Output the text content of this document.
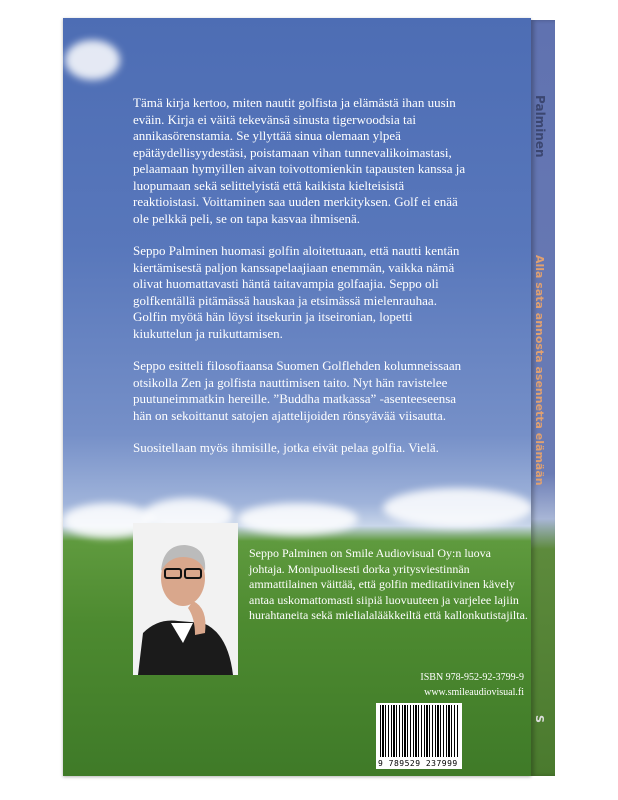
Palminen
Alla sata annosta asennetta elämään
S

Tämä kirja kertoo, miten nautit golfista ja elämästä ihan uusin eväin. Kirja ei väitä tekevänsä sinusta tigerwoodsia tai annikasörenstamia. Se yllyttää sinua olemaan ylpeä epätäydellisyydestäsi, poistamaan vihan tunnevalikoimastasi, pelaamaan hymyillen aivan toivottomienkin tapausten kanssa ja luopumaan sekä selittelyistä että kaikista kielteisistä reaktioistasi. Voittaminen saa uuden merkityksen. Golf ei enää ole pelkkä peli, se on tapa kasvaa ihmisenä.

Seppo Palminen huomasi golfin aloitettuaan, että nautti kentän kiertämisestä paljon kanssapelaajiaan enemmän, vaikka nämä olivat huomattavasti häntä taitavampia golfaajia. Seppo oli golfkentällä pitämässä hauskaa ja etsimässä mielenrauhaa. Golfin myötä hän löysi itsekurin ja itseironian, lopetti kiukuttelun ja ruikuttamisen.

Seppo esitteli filosofiaansa Suomen Golflehden kolumneissaan otsikolla Zen ja golfista nauttimisen taito. Nyt hän ravistelee puutuneimmatkin hereille. ”Buddha matkassa” -asenteeseensa hän on sekoittanut satojen ajattelijoiden rönsyävää viisautta.

Suositellaan myös ihmisille, jotka eivät pelaa golfia. Vielä.

Seppo Palminen on Smile Audiovisual Oy:n luova johtaja. Monipuolisesti dorka yritysviestinnän ammattilainen väittää, että golfin meditatiivinen kävely antaa uskomattomasti siipiä luovuuteen ja varjelee lajiin hurahtaneita sekä mielialalääkkeiltä että kallonkutistajilta.
ISBN 978-952-92-3799-9
www.smileaudiovisual.fi
9 789529 237999
